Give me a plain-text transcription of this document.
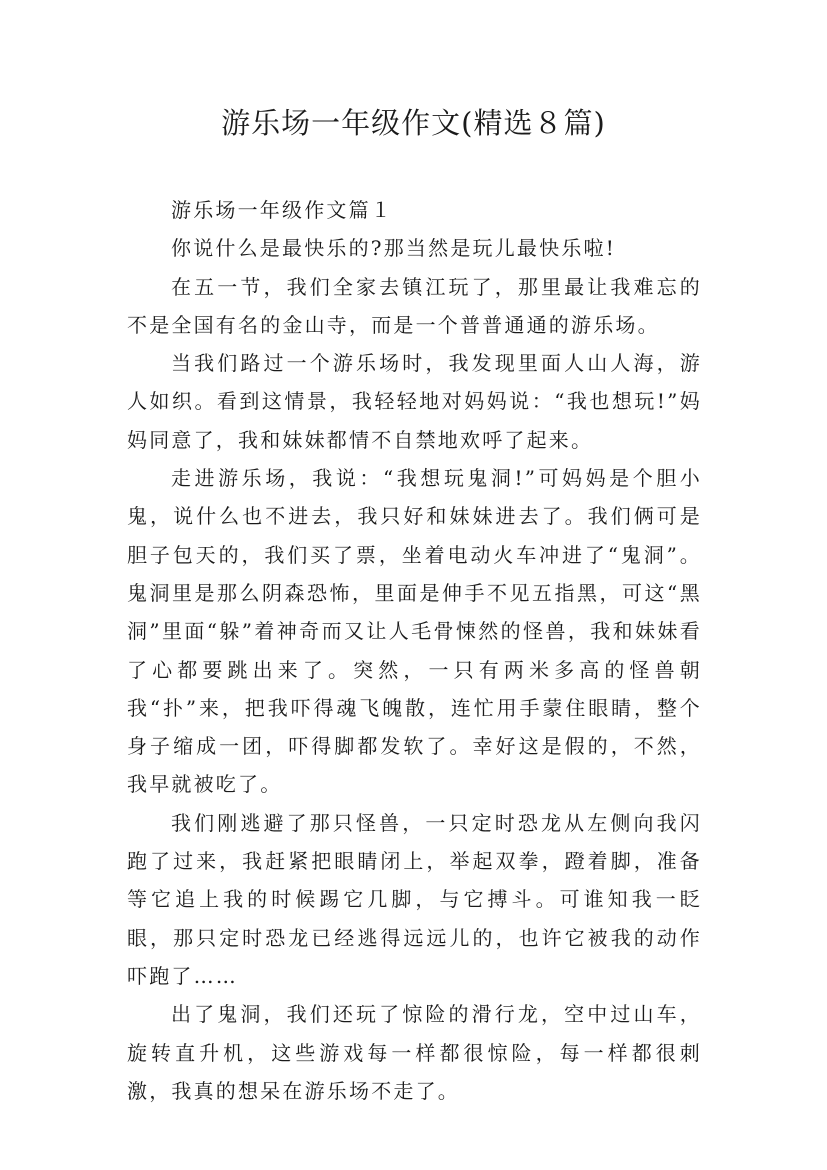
游乐场一年级作文(精选８篇)

游乐场一年级作文篇１

你说什么是最快乐的?那当然是玩儿最快乐啦!

在五一节，我们全家去镇江玩了，那里最让我难忘的不是全国有名的金山寺，而是一个普普通通的游乐场。

当我们路过一个游乐场时，我发现里面人山人海，游人如织。看到这情景，我轻轻地对妈妈说：“我也想玩!”妈妈同意了，我和妹妹都情不自禁地欢呼了起来。

走进游乐场，我说：“我想玩鬼洞!”可妈妈是个胆小鬼，说什么也不进去，我只好和妹妹进去了。我们俩可是胆子包天的，我们买了票，坐着电动火车冲进了“鬼洞”。鬼洞里是那么阴森恐怖，里面是伸手不见五指黑，可这“黑洞”里面“躲”着神奇而又让人毛骨悚然的怪兽，我和妹妹看了心都要跳出来了。突然，一只有两米多高的怪兽朝我“扑”来，把我吓得魂飞魄散，连忙用手蒙住眼睛，整个身子缩成一团，吓得脚都发软了。幸好这是假的，不然，我早就被吃了。

我们刚逃避了那只怪兽，一只定时恐龙从左侧向我闪跑了过来，我赶紧把眼睛闭上，举起双拳，蹬着脚，准备等它追上我的时候踢它几脚，与它搏斗。可谁知我一眨眼，那只定时恐龙已经逃得远远儿的，也许它被我的动作吓跑了……

出了鬼洞，我们还玩了惊险的滑行龙，空中过山车，旋转直升机，这些游戏每一样都很惊险，每一样都很刺激，我真的想呆在游乐场不走了。
